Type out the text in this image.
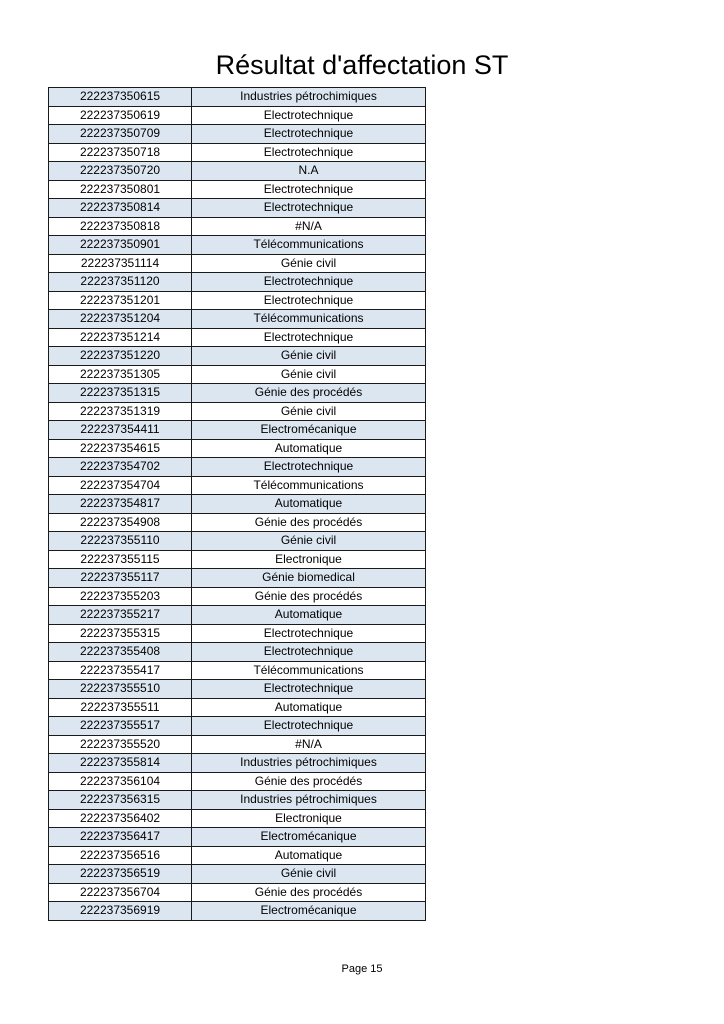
Résultat d'affectation ST
222237350615	Industries pétrochimiques
222237350619	Electrotechnique
222237350709	Electrotechnique
222237350718	Electrotechnique
222237350720	N.A
222237350801	Electrotechnique
222237350814	Electrotechnique
222237350818	#N/A
222237350901	Télécommunications
222237351114	Génie civil
222237351120	Electrotechnique
222237351201	Electrotechnique
222237351204	Télécommunications
222237351214	Electrotechnique
222237351220	Génie civil
222237351305	Génie civil
222237351315	Génie des procédés
222237351319	Génie civil
222237354411	Electromécanique
222237354615	Automatique
222237354702	Electrotechnique
222237354704	Télécommunications
222237354817	Automatique
222237354908	Génie des procédés
222237355110	Génie civil
222237355115	Electronique
222237355117	Génie biomedical
222237355203	Génie des procédés
222237355217	Automatique
222237355315	Electrotechnique
222237355408	Electrotechnique
222237355417	Télécommunications
222237355510	Electrotechnique
222237355511	Automatique
222237355517	Electrotechnique
222237355520	#N/A
222237355814	Industries pétrochimiques
222237356104	Génie des procédés
222237356315	Industries pétrochimiques
222237356402	Electronique
222237356417	Electromécanique
222237356516	Automatique
222237356519	Génie civil
222237356704	Génie des procédés
222237356919	Electromécanique
Page 15
